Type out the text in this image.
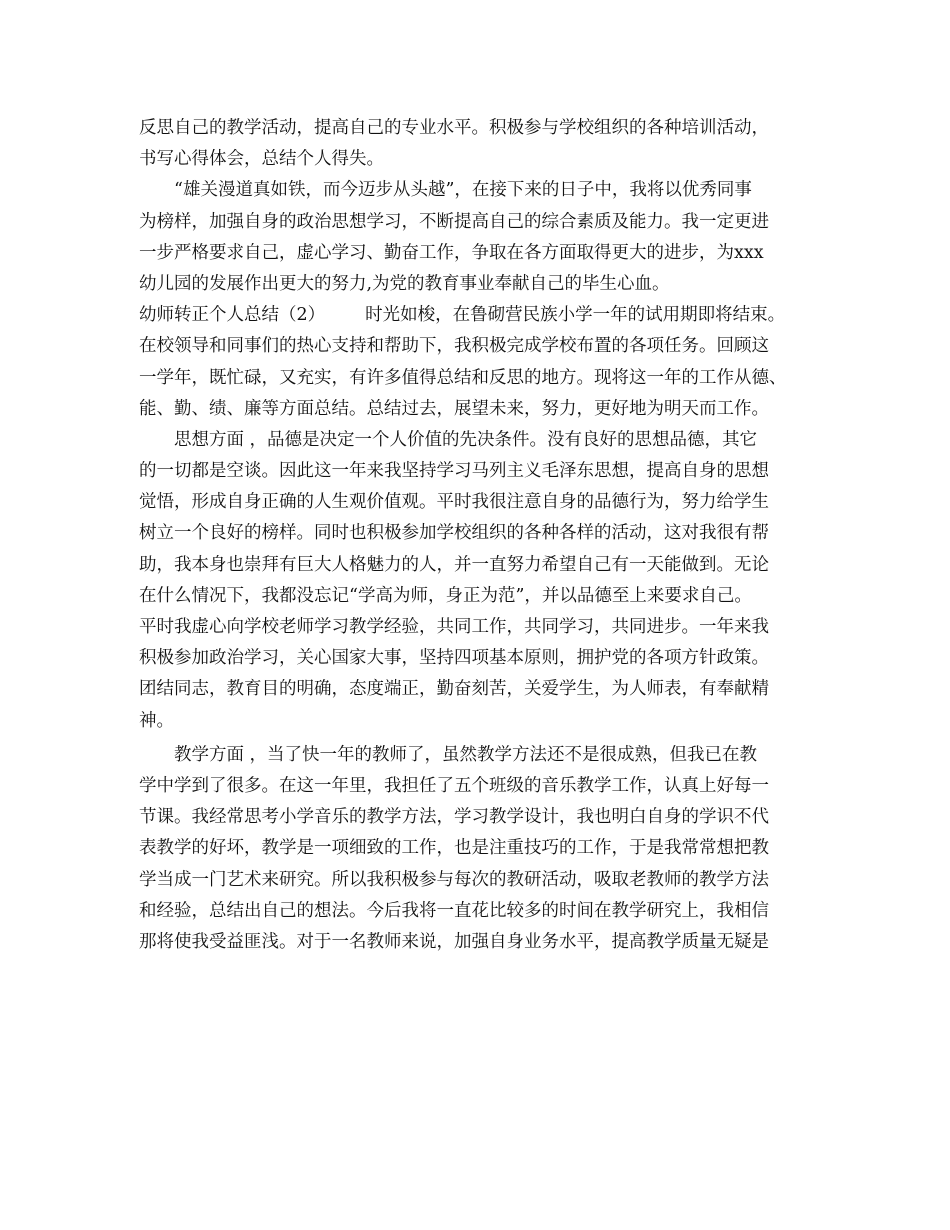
反思自己的教学活动，提高自己的专业水平。积极参与学校组织的各种培训活动，
书写心得体会，总结个人得失。
“雄关漫道真如铁，而今迈步从头越”，在接下来的日子中，我将以优秀同事
为榜样，加强自身的政治思想学习，不断提高自己的综合素质及能力。我一定更进
一步严格要求自己，虚心学习、勤奋工作，争取在各方面取得更大的进步，为xxx
幼儿园的发展作出更大的努力,为党的教育事业奉献自己的毕生心血。
幼师转正个人总结（2） 时光如梭，在鲁砌营民族小学一年的试用期即将结束。
在校领导和同事们的热心支持和帮助下，我积极完成学校布置的各项任务。回顾这
一学年，既忙碌，又充实，有许多值得总结和反思的地方。现将这一年的工作从德、
能、勤、绩、廉等方面总结。总结过去，展望未来，努力，更好地为明天而工作。
思想方面 ，品德是决定一个人价值的先决条件。没有良好的思想品德，其它
的一切都是空谈。因此这一年来我坚持学习马列主义毛泽东思想，提高自身的思想
觉悟，形成自身正确的人生观价值观。平时我很注意自身的品德行为，努力给学生
树立一个良好的榜样。同时也积极参加学校组织的各种各样的活动，这对我很有帮
助，我本身也崇拜有巨大人格魅力的人，并一直努力希望自己有一天能做到。无论
在什么情况下，我都没忘记“学高为师，身正为范”，并以品德至上来要求自己。
平时我虚心向学校老师学习教学经验，共同工作，共同学习，共同进步。一年来我
积极参加政治学习，关心国家大事，坚持四项基本原则，拥护党的各项方针政策。
团结同志，教育目的明确，态度端正，勤奋刻苦，关爱学生，为人师表，有奉献精
神。
教学方面 ，当了快一年的教师了，虽然教学方法还不是很成熟，但我已在教
学中学到了很多。在这一年里，我担任了五个班级的音乐教学工作，认真上好每一
节课。我经常思考小学音乐的教学方法，学习教学设计，我也明白自身的学识不代
表教学的好坏，教学是一项细致的工作，也是注重技巧的工作，于是我常常想把教
学当成一门艺术来研究。所以我积极参与每次的教研活动，吸取老教师的教学方法
和经验，总结出自己的想法。今后我将一直花比较多的时间在教学研究上，我相信
那将使我受益匪浅。对于一名教师来说，加强自身业务水平，提高教学质量无疑是
